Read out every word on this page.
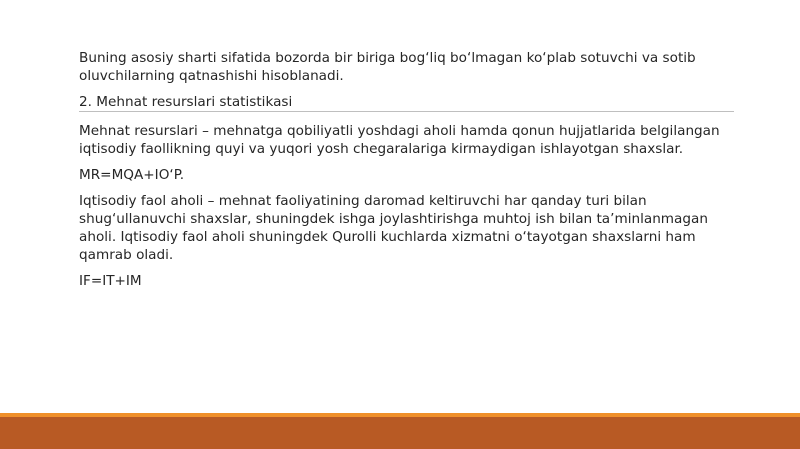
Buning asosiy sharti sifatida bozorda bir biriga bog‘liq bo‘lmagan ko‘plab sotuvchi va sotib oluvchilarning qatnashishi hisoblanadi.

2. Mehnat resurslari statistikasi

Mehnat resurslari – mehnatga qobiliyatli yoshdagi aholi hamda qonun hujjatlarida belgilangan iqtisodiy faollikning quyi va yuqori yosh chegaralariga kirmaydigan ishlayotgan shaxslar.

MR=MQA+IO‘P.

Iqtisodiy faol aholi – mehnat faoliyatining daromad keltiruvchi har qanday turi bilan shug‘ullanuvchi shaxslar, shuningdek ishga joylashtirishga muhtoj ish bilan ta’minlanmagan aholi. Iqtisodiy faol aholi shuningdek Qurolli kuchlarda xizmatni o‘tayotgan shaxslarni ham qamrab oladi.

IF=IT+IM
